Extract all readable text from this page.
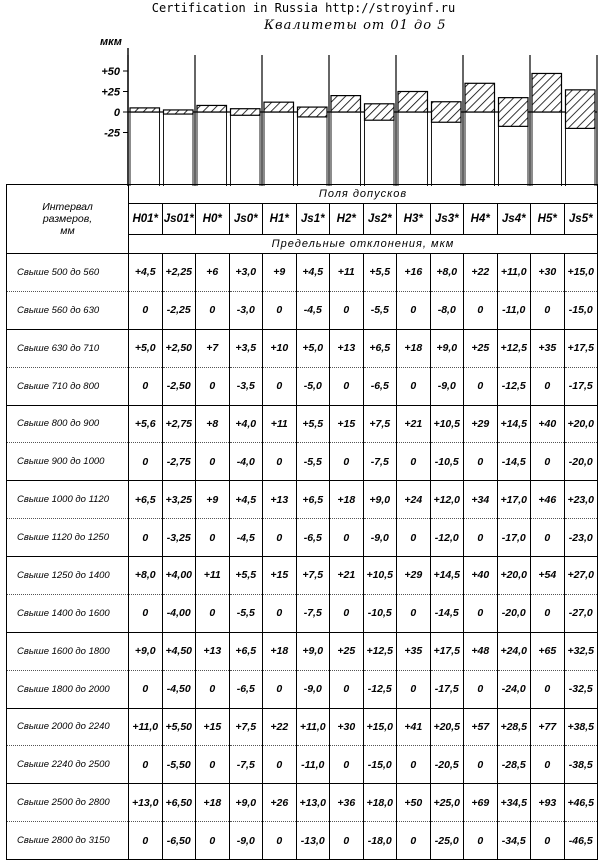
Certification in Russia http://stroyinf.ru
Квалитеты от 01 до 5
мкм
+50
+25
0
-25
Интервал
размеров,
мм	Поля допусков													
	H01*	Js01*	H0*	Js0*	H1*	Js1*	H2*	Js2*	H3*	Js3*	H4*	Js4*	H5*	Js5*
	Предельные отклонения, мкм													
Свыше 500 до 560	+4,5	+2,25	+6	+3,0	+9	+4,5	+11	+5,5	+16	+8,0	+22	+11,0	+30	+15,0
Свыше 560 до 630	0	-2,25	0	-3,0	0	-4,5	0	-5,5	0	-8,0	0	-11,0	0	-15,0
Свыше 630 до 710	+5,0	+2,50	+7	+3,5	+10	+5,0	+13	+6,5	+18	+9,0	+25	+12,5	+35	+17,5
Свыше 710 до 800	0	-2,50	0	-3,5	0	-5,0	0	-6,5	0	-9,0	0	-12,5	0	-17,5
Свыше 800 до 900	+5,6	+2,75	+8	+4,0	+11	+5,5	+15	+7,5	+21	+10,5	+29	+14,5	+40	+20,0
Свыше 900 до 1000	0	-2,75	0	-4,0	0	-5,5	0	-7,5	0	-10,5	0	-14,5	0	-20,0
Свыше 1000 до 1120	+6,5	+3,25	+9	+4,5	+13	+6,5	+18	+9,0	+24	+12,0	+34	+17,0	+46	+23,0
Свыше 1120 до 1250	0	-3,25	0	-4,5	0	-6,5	0	-9,0	0	-12,0	0	-17,0	0	-23,0
Свыше 1250 до 1400	+8,0	+4,00	+11	+5,5	+15	+7,5	+21	+10,5	+29	+14,5	+40	+20,0	+54	+27,0
Свыше 1400 до 1600	0	-4,00	0	-5,5	0	-7,5	0	-10,5	0	-14,5	0	-20,0	0	-27,0
Свыше 1600 до 1800	+9,0	+4,50	+13	+6,5	+18	+9,0	+25	+12,5	+35	+17,5	+48	+24,0	+65	+32,5
Свыше 1800 до 2000	0	-4,50	0	-6,5	0	-9,0	0	-12,5	0	-17,5	0	-24,0	0	-32,5
Свыше 2000 до 2240	+11,0	+5,50	+15	+7,5	+22	+11,0	+30	+15,0	+41	+20,5	+57	+28,5	+77	+38,5
Свыше 2240 до 2500	0	-5,50	0	-7,5	0	-11,0	0	-15,0	0	-20,5	0	-28,5	0	-38,5
Свыше 2500 до 2800	+13,0	+6,50	+18	+9,0	+26	+13,0	+36	+18,0	+50	+25,0	+69	+34,5	+93	+46,5
Свыше 2800 до 3150	0	-6,50	0	-9,0	0	-13,0	0	-18,0	0	-25,0	0	-34,5	0	-46,5
